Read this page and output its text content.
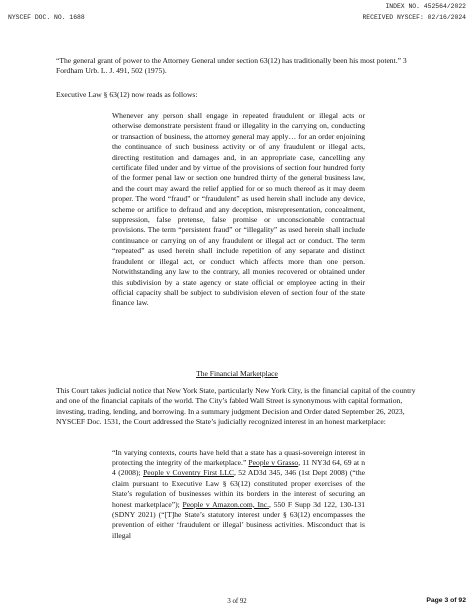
INDEX NO. 452564/2022
NYSCEF DOC. NO. 1688	RECEIVED NYSCEF: 02/16/2024

“The general grant of power to the Attorney General under section 63(12) has traditionally been his most potent.” 3 Fordham Urb. L. J. 491, 502 (1975).

Executive Law § 63(12) now reads as follows:

Whenever any person shall engage in repeated fraudulent or illegal acts or otherwise demonstrate persistent fraud or illegality in the carrying on, conducting or transaction of business, the attorney general may apply… for an order enjoining the continuance of such business activity or of any fraudulent or illegal acts, directing restitution and damages and, in an appropriate case, cancelling any certificate filed under and by virtue of the provisions of section four hundred forty of the former penal law or section one hundred thirty of the general business law, and the court may award the relief applied for or so much thereof as it may deem proper. The word “fraud” or “fraudulent” as used herein shall include any device, scheme or artifice to defraud and any deception, misrepresentation, concealment, suppression, false pretense, false promise or unconscionable contractual provisions. The term “persistent fraud” or “illegality” as used herein shall include continuance or carrying on of any fraudulent or illegal act or conduct. The term “repeated” as used herein shall include repetition of any separate and distinct fraudulent or illegal act, or conduct which affects more than one person. Notwithstanding any law to the contrary, all monies recovered or obtained under this subdivision by a state agency or state official or employee acting in their official capacity shall be subject to subdivision eleven of section four of the state finance law.

The Financial Marketplace

This Court takes judicial notice that New York State, particularly New York City, is the financial capital of the country and one of the financial capitals of the world. The City’s fabled Wall Street is synonymous with capital formation, investing, trading, lending, and borrowing. In a summary judgment Decision and Order dated September 26, 2023, NYSCEF Doc. 1531, the Court addressed the State’s judicially recognized interest in an honest marketplace:

“In varying contexts, courts have held that a state has a quasi-sovereign interest in protecting the integrity of the marketplace.” People v Grasso, 11 NY3d 64, 69 at n 4 (2008); People v Coventry First LLC, 52 AD3d 345, 346 (1st Dept 2008) (“the claim pursuant to Executive Law § 63(12) constituted proper exercises of the State’s regulation of businesses within its borders in the interest of securing an honest marketplace”); People v Amazon.com, Inc., 550 F Supp 3d 122, 130-131 (SDNY 2021) (“[T]he State’s statutory interest under § 63(12) encompasses the prevention of either ‘fraudulent or illegal’ business activities. Misconduct that is illegal

3 of 92	Page 3 of 92
